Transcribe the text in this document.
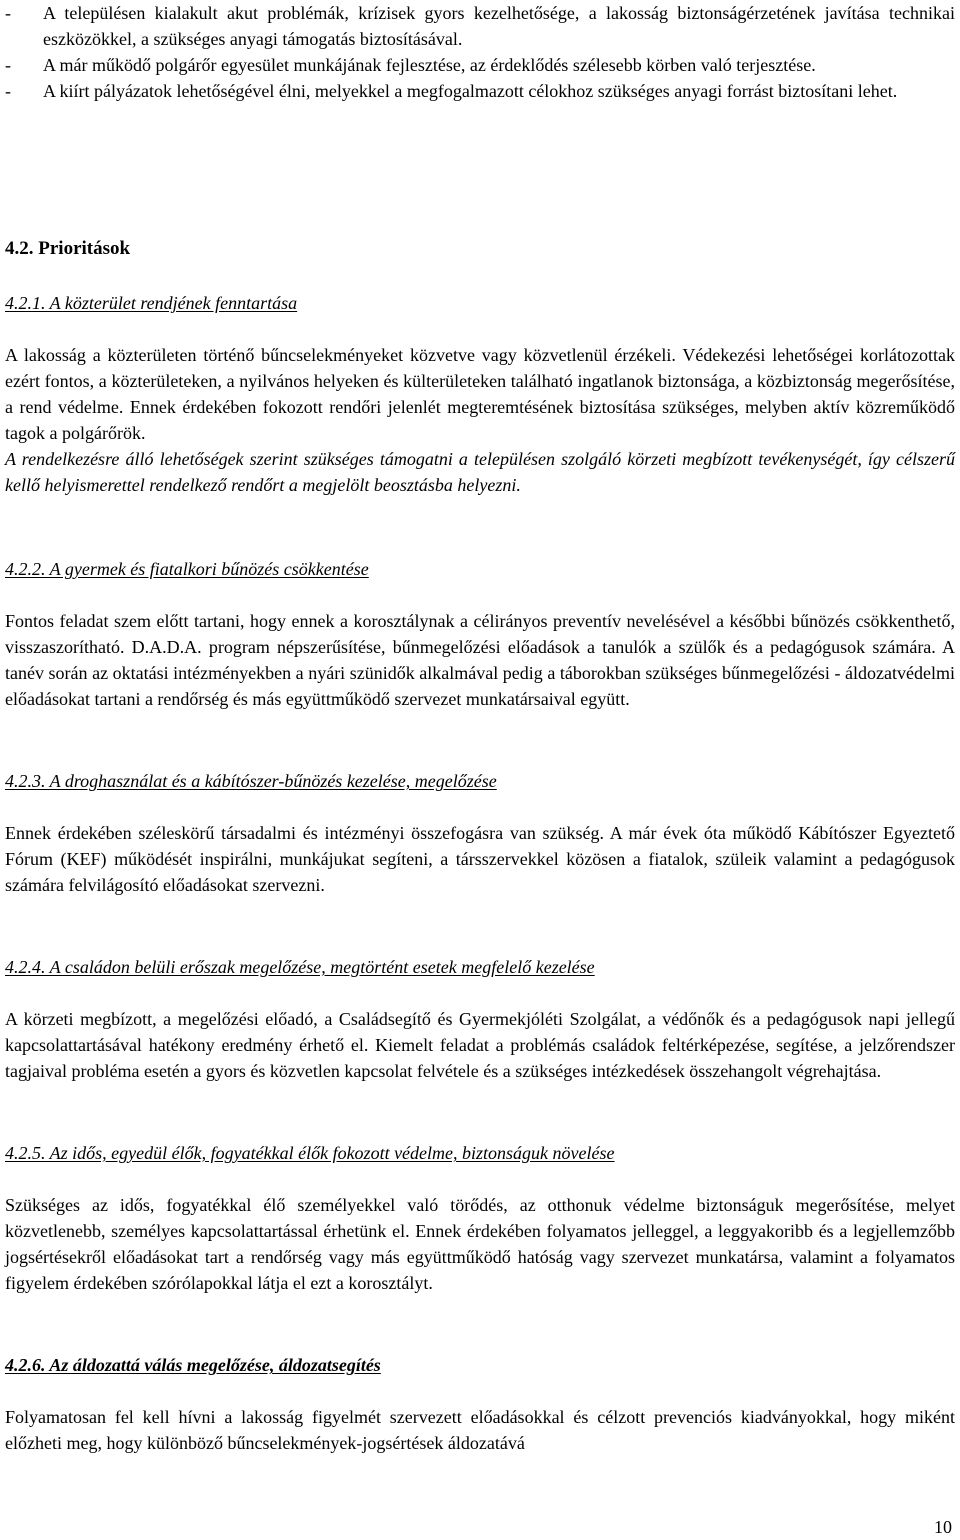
- A településen kialakult akut problémák, krízisek gyors kezelhetősége, a lakosság biztonságérzetének javítása technikai eszközökkel, a szükséges anyagi támogatás biztosításával.
- A már működő polgárőr egyesület munkájának fejlesztése, az érdeklődés szélesebb körben való terjesztése.
- A kiírt pályázatok lehetőségével élni, melyekkel a megfogalmazott célokhoz szükséges anyagi forrást biztosítani lehet.
4.2. Prioritások
4.2.1. A közterület rendjének fenntartása

A lakosság a közterületen történő bűncselekményeket közvetve vagy közvetlenül érzékeli. Védekezési lehetőségei korlátozottak ezért fontos, a közterületeken, a nyilvános helyeken és külterületeken található ingatlanok biztonsága, a közbiztonság megerősítése, a rend védelme. Ennek érdekében fokozott rendőri jelenlét megteremtésének biztosítása szükséges, melyben aktív közreműködő tagok a polgárőrök.

A rendelkezésre álló lehetőségek szerint szükséges támogatni a településen szolgáló körzeti megbízott tevékenységét, így célszerű kellő helyismerettel rendelkező rendőrt a megjelölt beosztásba helyezni.

4.2.2. A gyermek és fiatalkori bűnözés csökkentése

Fontos feladat szem előtt tartani, hogy ennek a korosztálynak a célirányos preventív nevelésével a későbbi bűnözés csökkenthető, visszaszorítható. D.A.D.A. program népszerűsítése, bűnmegelőzési előadások a tanulók a szülők és a pedagógusok számára. A tanév során az oktatási intézményekben a nyári szünidők alkalmával pedig a táborokban szükséges bűnmegelőzési - áldozatvédelmi előadásokat tartani a rendőrség és más együttműködő szervezet munkatársaival együtt.

4.2.3. A droghasználat és a kábítószer-bűnözés kezelése, megelőzése

Ennek érdekében széleskörű társadalmi és intézményi összefogásra van szükség. A már évek óta működő Kábítószer Egyeztető Fórum (KEF) működését inspirálni, munkájukat segíteni, a társszervekkel közösen a fiatalok, szüleik valamint a pedagógusok számára felvilágosító előadásokat szervezni.

4.2.4. A családon belüli erőszak megelőzése, megtörtént esetek megfelelő kezelése

A körzeti megbízott, a megelőzési előadó, a Családsegítő és Gyermekjóléti Szolgálat, a védőnők és a pedagógusok napi jellegű kapcsolattartásával hatékony eredmény érhető el. Kiemelt feladat a problémás családok feltérképezése, segítése, a jelzőrendszer tagjaival probléma esetén a gyors és közvetlen kapcsolat felvétele és a szükséges intézkedések összehangolt végrehajtása.

4.2.5. Az idős, egyedül élők, fogyatékkal élők fokozott védelme, biztonságuk növelése

Szükséges az idős, fogyatékkal élő személyekkel való törődés, az otthonuk védelme biztonságuk megerősítése, melyet közvetlenebb, személyes kapcsolattartással érhetünk el. Ennek érdekében folyamatos jelleggel, a leggyakoribb és a legjellemzőbb jogsértésekről előadásokat tart a rendőrség vagy más együttműködő hatóság vagy szervezet munkatársa, valamint a folyamatos figyelem érdekében szórólapokkal látja el ezt a korosztályt.

4.2.6. Az áldozattá válás megelőzése, áldozatsegítés

Folyamatosan fel kell hívni a lakosság figyelmét szervezett előadásokkal és célzott prevenciós kiadványokkal, hogy miként előzheti meg, hogy különböző bűncselekmények-jogsértések áldozatává

10
